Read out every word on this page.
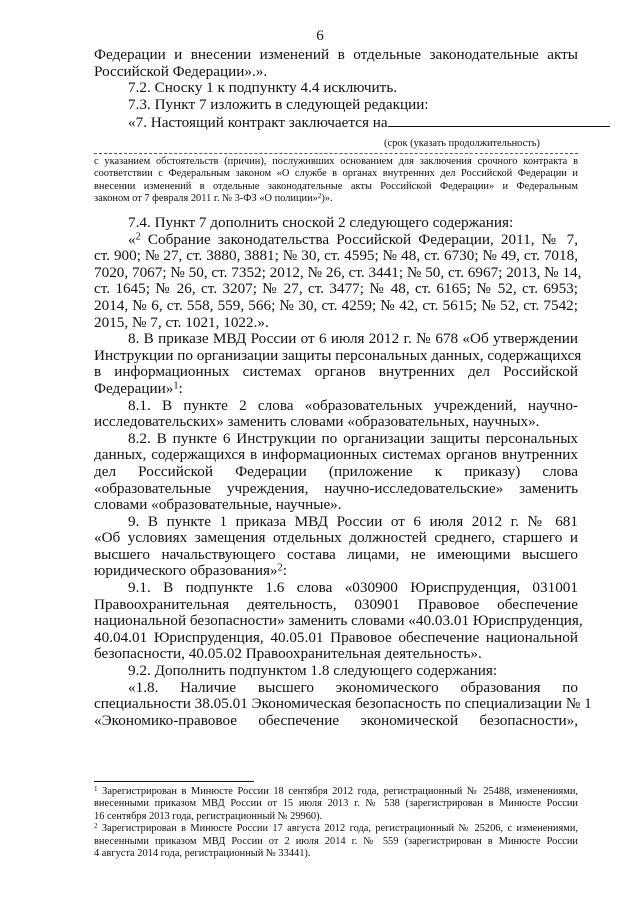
6
Федерации и внесении изменений в отдельные законодательные акты
Российской Федерации».».
7.2. Сноску 1 к подпункту 4.4 исключить.
7.3. Пункт 7 изложить в следующей редакции:
«7. Настоящий контракт заключается на
(срок (указать продолжительность)
с указанием обстоятельств (причин), послуживших основанием для заключения срочного контракта в
соответствии с Федеральным законом «О службе в органах внутренних дел Российской Федерации и
внесении изменений в отдельные законодательные акты Российской Федерации» и Федеральным
законом от 7 февраля 2011 г. № 3-ФЗ «О полиции»$^2$)».
7.4. Пункт 7 дополнить сноской 2 следующего содержания:
«$^2$ Собрание законодательства Российской Федерации, 2011, № 7,
ст. 900; № 27, ст. 3880, 3881; № 30, ст. 4595; № 48, ст. 6730; № 49, ст. 7018,
7020, 7067; № 50, ст. 7352; 2012, № 26, ст. 3441; № 50, ст. 6967; 2013, № 14,
ст. 1645; № 26, ст. 3207; № 27, ст. 3477; № 48, ст. 6165; № 52, ст. 6953;
2014, № 6, ст. 558, 559, 566; № 30, ст. 4259; № 42, ст. 5615; № 52, ст. 7542;
2015, № 7, ст. 1021, 1022.».
8. В приказе МВД России от 6 июля 2012 г. № 678 «Об утверждении
Инструкции по организации защиты персональных данных, содержащихся
в информационных системах органов внутренних дел Российской
Федерации»$^1$:
8.1. В пункте 2 слова «образовательных учреждений, научно-
исследовательских» заменить словами «образовательных, научных».
8.2. В пункте 6 Инструкции по организации защиты персональных
данных, содержащихся в информационных системах органов внутренних
дел Российской Федерации (приложение к приказу) слова
«образовательные учреждения, научно-исследовательские» заменить
словами «образовательные, научные».
9. В пункте 1 приказа МВД России от 6 июля 2012 г. № 681
«Об условиях замещения отдельных должностей среднего, старшего и
высшего начальствующего состава лицами, не имеющими высшего
юридического образования»$^2$:
9.1. В подпункте 1.6 слова «030900 Юриспруденция, 031001
Правоохранительная деятельность, 030901 Правовое обеспечение
национальной безопасности» заменить словами «40.03.01 Юриспруденция,
40.04.01 Юриспруденция, 40.05.01 Правовое обеспечение национальной
безопасности, 40.05.02 Правоохранительная деятельность».
9.2. Дополнить подпунктом 1.8 следующего содержания:
«1.8. Наличие высшего экономического образования по
специальности 38.05.01 Экономическая безопасность по специализации № 1
«Экономико-правовое обеспечение экономической безопасности»,
$^1$ Зарегистрирован в Минюсте России 18 сентября 2012 года, регистрационный № 25488, изменениями,
внесенными приказом МВД России от 15 июля 2013 г. № 538 (зарегистрирован в Минюсте России
16 сентября 2013 года, регистрационный № 29960).
$^2$ Зарегистрирован в Минюсте России 17 августа 2012 года, регистрационный № 25206, с изменениями,
внесенными приказом МВД России от 2 июля 2014 г. № 559 (зарегистрирован в Минюсте России
4 августа 2014 года, регистрационный № 33441).
